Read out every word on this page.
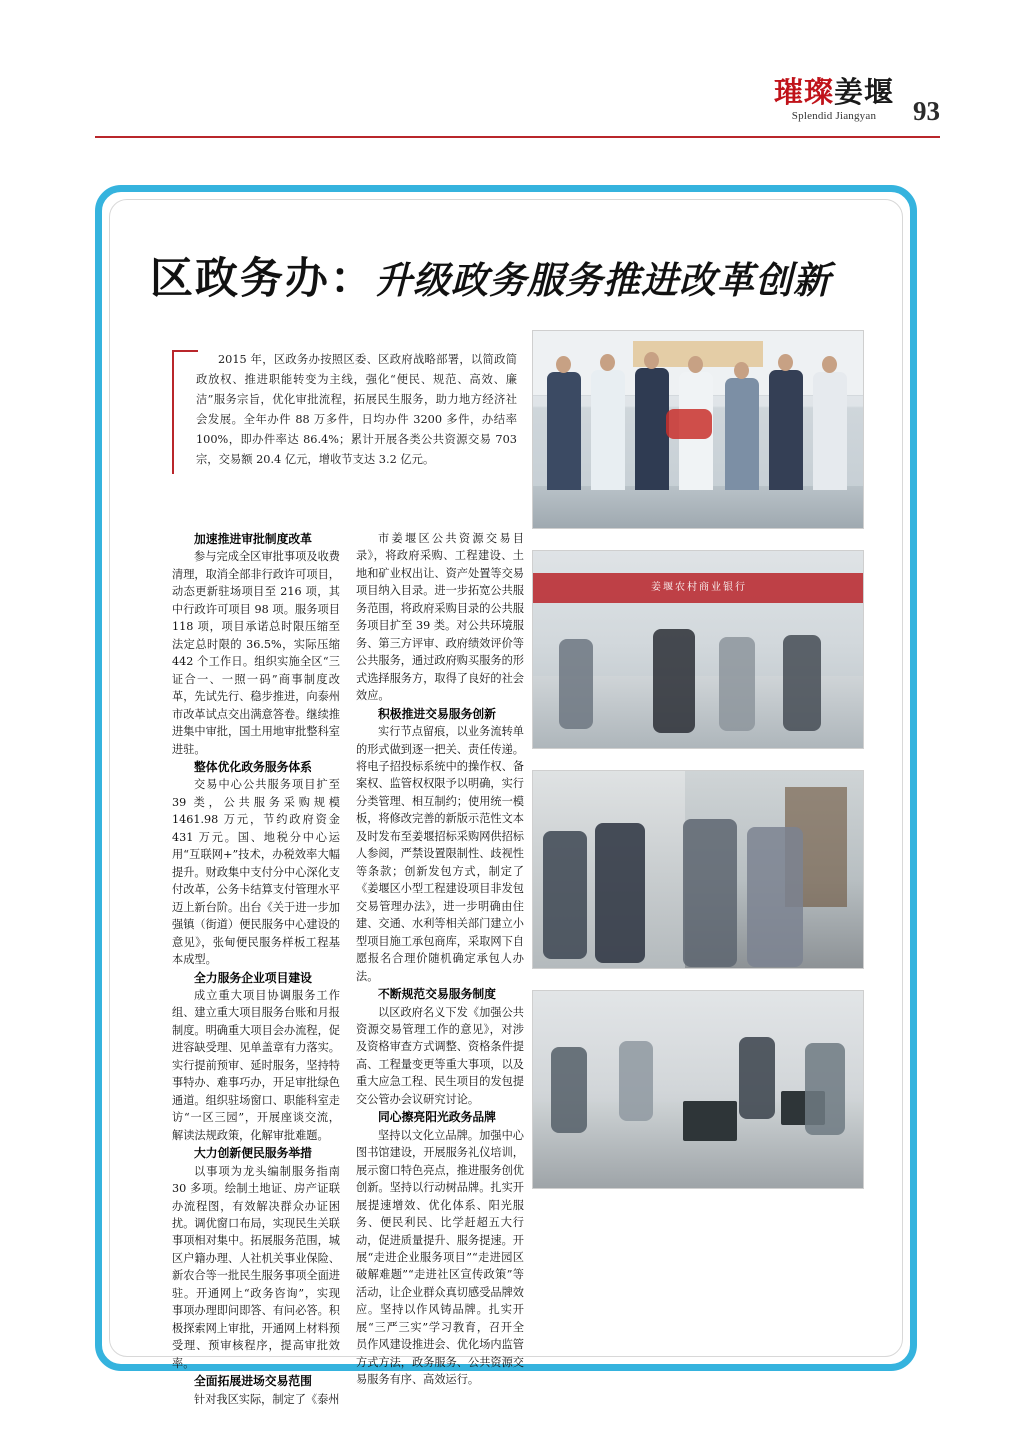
璀璨姜堰
Splendid Jiangyan 93
区政务办：升级政务服务推进改革创新
2015 年，区政务办按照区委、区政府战略部署，以简政简政放权、推进职能转变为主线，强化“便民、规范、高效、廉洁”服务宗旨，优化审批流程，拓展民生服务，助力地方经济社会发展。全年办件 88 万多件，日均办件 3200 多件，办结率 100%，即办件率达 86.4%；累计开展各类公共资源交易 703 宗，交易额 20.4 亿元，增收节支达 3.2 亿元。
加速推进审批制度改革

参与完成全区审批事项及收费清理，取消全部非行政许可项目，动态更新驻场项目至 216 项，其中行政许可项目 98 项。服务项目 118 项，项目承诺总时限压缩至法定总时限的 36.5%，实际压缩 442 个工作日。组织实施全区“三证合一、一照一码”商事制度改革，先试先行、稳步推进，向泰州市改革试点交出满意答卷。继续推进集中审批，国土用地审批整科室进驻。

整体优化政务服务体系

交易中心公共服务项目扩至 39 类，公共服务采购规模 1461.98 万元，节约政府资金 431 万元。国、地税分中心运用“互联网+”技术，办税效率大幅提升。财政集中支付分中心深化支付改革，公务卡结算支付管理水平迈上新台阶。出台《关于进一步加强镇（街道）便民服务中心建设的意见》，张甸便民服务样板工程基本成型。

全力服务企业项目建设

成立重大项目协调服务工作组、建立重大项目服务台账和月报制度。明确重大项目会办流程，促进容缺受理、见单盖章有力落实。实行提前预审、延时服务，坚持特事特办、难事巧办，开足审批绿色通道。组织驻场窗口、职能科室走访“一区三园”，开展座谈交流，解读法规政策，化解审批难题。

大力创新便民服务举措

以事项为龙头编制服务指南 30 多项。绘制土地证、房产证联办流程图，有效解决群众办证困扰。调优窗口布局，实现民生关联事项相对集中。拓展服务范围，城区户籍办理、人社机关事业保险、新农合等一批民生服务事项全面进驻。开通网上“政务咨询”，实现事项办理即问即答、有问必答。积极探索网上审批，开通网上材料预受理、预审核程序，提高审批效率。

全面拓展进场交易范围

针对我区实际，制定了《泰州

市姜堰区公共资源交易目录》，将政府采购、工程建设、土地和矿业权出让、资产处置等交易项目纳入目录。进一步拓宽公共服务范围，将政府采购目录的公共服务项目扩至 39 类。对公共环境服务、第三方评审、政府绩效评价等公共服务，通过政府购买服务的形式选择服务方，取得了良好的社会效应。

积极推进交易服务创新

实行节点留痕，以业务流转单的形式做到逐一把关、责任传递。将电子招投标系统中的操作权、备案权、监管权权限予以明确，实行分类管理、相互制约；使用统一模板，将修改完善的新版示范性文本及时发布至姜堰招标采购网供招标人参阅，严禁设置限制性、歧视性等条款；创新发包方式，制定了《姜堰区小型工程建设项目非发包交易管理办法》，进一步明确由住建、交通、水利等相关部门建立小型项目施工承包商库，采取网下自愿报名合理价随机确定承包人办法。

不断规范交易服务制度

以区政府名义下发《加强公共资源交易管理工作的意见》，对涉及资格审查方式调整、资格条件提高、工程量变更等重大事项，以及重大应急工程、民生项目的发包提交公管办会议研究讨论。

同心擦亮阳光政务品牌

坚持以文化立品牌。加强中心图书馆建设，开展服务礼仪培训，展示窗口特色亮点，推进服务创优创新。坚持以行动树品牌。扎实开展提速增效、优化体系、阳光服务、便民利民、比学赶超五大行动，促进质量提升、服务提速。开展“走进企业服务项目”“走进园区破解难题”“走进社区宣传政策”等活动，让企业群众真切感受品牌效应。坚持以作风铸品牌。扎实开展“三严三实”学习教育，召开全员作风建设推进会、优化场内监管方式方法，政务服务、公共资源交易服务有序、高效运行。

姜堰农村商业银行
